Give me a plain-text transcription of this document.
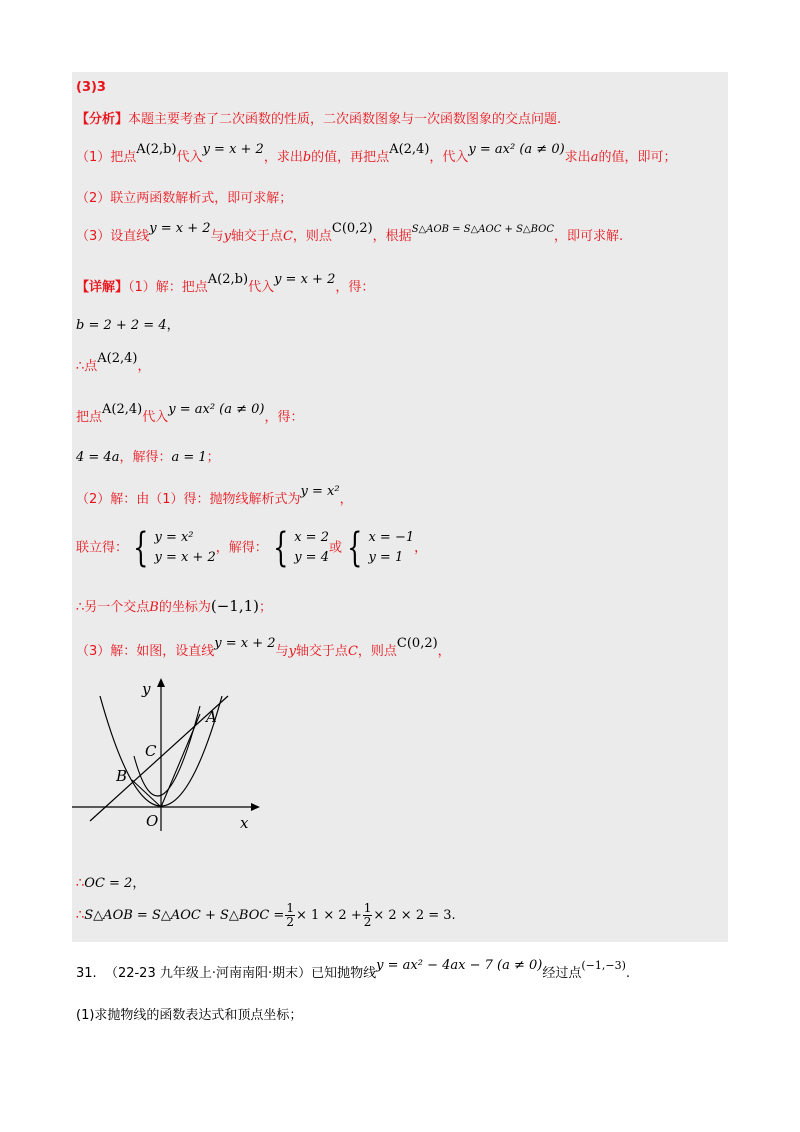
(3)3
【分析】本题主要考查了二次函数的性质，二次函数图象与一次函数图象的交点问题.
（1）把点A(2,b)代入y = x + 2，求出b的值，再把点A(2,4)，代入y = ax² (a ≠ 0)求出a的值，即可；
（2）联立两函数解析式，即可求解；
（3）设直线y = x + 2与y轴交于点C，则点C(0,2)，根据$^{S\triangle AOB = S\triangle AOC + S\triangle BOC}$，即可求解.
【详解】（1）解：把点A(2,b)代入y = x + 2，得：
b = 2 + 2 = 4，
∴点A(2,4)，
把点A(2,4)代入y = ax² (a ≠ 0)，得：
4 = 4a，解得：a = 1；
（2）解：由（1）得：抛物线解析式为y = x²，
联立得： { y = x²
y = x + 2
，解得： { x = 2
y = 4
或 { x = −1
y = 1
，
∴另一个交点B的坐标为(−1,1)；
（3）解：如图，设直线y = x + 2与y轴交于点C，则点C(0,2)，
y
x
O
A
B
C
∴OC = 2，
∴S△AOB = S△AOC + S△BOC = $\frac{1}{2} \times 1 \times 2 + \frac{1}{2} \times 2 \times 2 = 3$.
31. （22-23 九年级上·河南南阳·期末）已知抛物线y = ax² − 4ax − 7 (a ≠ 0)经过点$^{(-1,-3)}$.
(1)求抛物线的函数表达式和顶点坐标；
